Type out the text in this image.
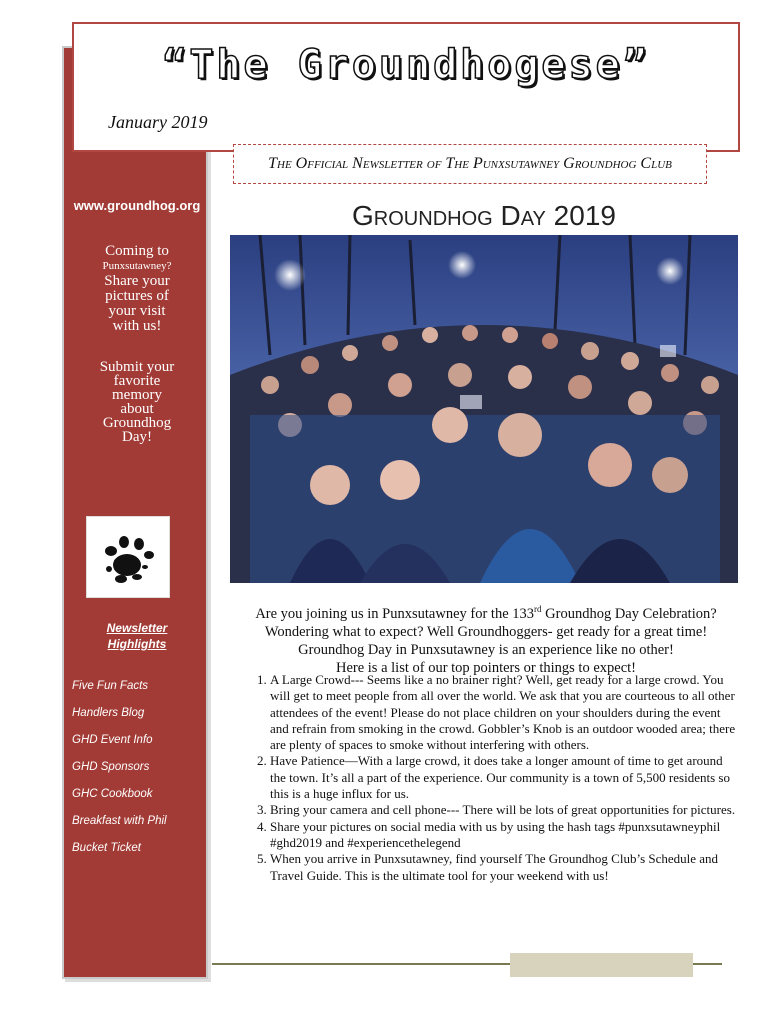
www.groundhog.org
Coming to
Punxsutawney?
Share your
pictures of
your visit
with us!
Submit your
favorite
memory
about
Groundhog
Day!
Newsletter
Highlights
Five Fun Facts
Handlers Blog
GHD Event Info
GHD Sponsors
GHC Cookbook
Breakfast with Phil
Bucket Ticket
“The Groundhogese”
January 2019
The Official Newsletter of The Punxsutawney Groundhog Club
Groundhog Day 2019
Are you joining us in Punxsutawney for the 133rd Groundhog Day Celebration?
Wondering what to expect? Well Groundhoggers- get ready for a great time!
Groundhog Day in Punxsutawney is an experience like no other!
Here is a list of our top pointers or things to expect!
1. A Large Crowd--- Seems like a no brainer right? Well, get ready for a large crowd. You will get to meet people from all over the world. We ask that you are courteous to all other attendees of the event! Please do not place children on your shoulders during the event and refrain from smoking in the crowd. Gobbler’s Knob is an outdoor wooded area; there are plenty of spaces to smoke without interfering with others.
2. Have Patience—With a large crowd, it does take a longer amount of time to get around the town. It’s all a part of the experience. Our community is a town of 5,500 residents so this is a huge influx for us.
3. Bring your camera and cell phone--- There will be lots of great opportunities for pictures.
4. Share your pictures on social media with us by using the hash tags #punxsutawneyphil #ghd2019 and #experiencethelegend
5. When you arrive in Punxsutawney, find yourself The Groundhog Club’s Schedule and Travel Guide. This is the ultimate tool for your weekend with us!
